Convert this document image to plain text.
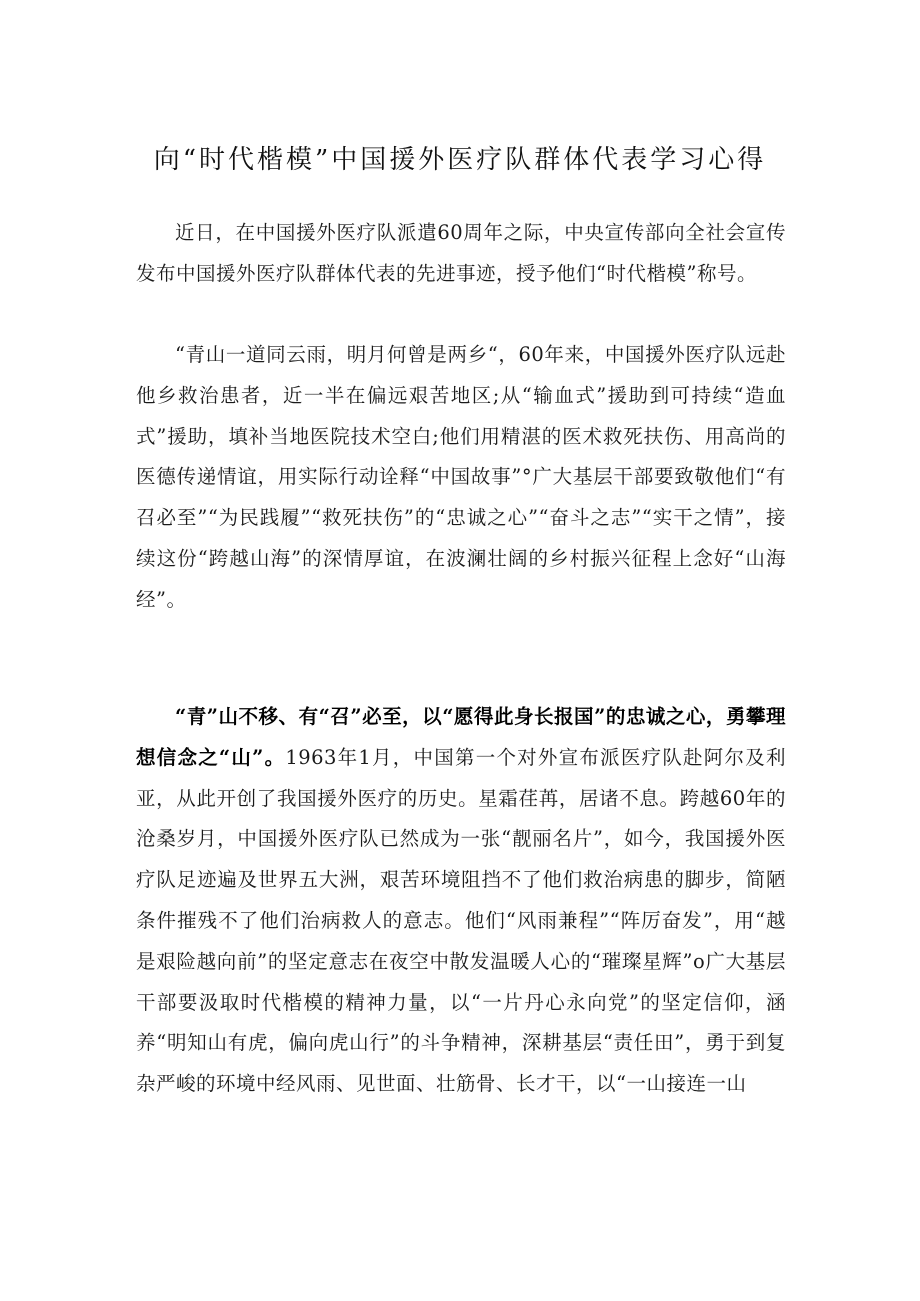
向“时代楷模”中国援外医疗队群体代表学习心得

近日，在中国援外医疗队派遣60周年之际，中央宣传部向全社会宣传发布中国援外医疗队群体代表的先进事迹，授予他们“时代楷模”称号。

“青山一道同云雨，明月何曾是两乡“，60年来，中国援外医疗队远赴他乡救治患者，近一半在偏远艰苦地区;从“输血式”援助到可持续“造血式”援助，填补当地医院技术空白;他们用精湛的医术救死扶伤、用高尚的医德传递情谊，用实际行动诠释“中国故事”°广大基层干部要致敬他们“有召必至”“为民践履”“救死扶伤”的“忠诚之心”“奋斗之志”“实干之情”，接续这份“跨越山海”的深情厚谊，在波澜壮阔的乡村振兴征程上念好“山海经”。

“青”山不移、有“召”必至，以“愿得此身长报国”的忠诚之心，勇攀理想信念之“山”。1963年1月，中国第一个对外宣布派医疗队赴阿尔及利亚，从此开创了我国援外医疗的历史。星霜荏苒，居诸不息。跨越60年的沧桑岁月，中国援外医疗队已然成为一张“靓丽名片”，如今，我国援外医疗队足迹遍及世界五大洲，艰苦环境阻挡不了他们救治病患的脚步，简陋条件摧残不了他们治病救人的意志。他们“风雨兼程”“阵厉奋发”，用“越是艰险越向前”的坚定意志在夜空中散发温暖人心的“璀璨星辉”o广大基层干部要汲取时代楷模的精神力量，以“一片丹心永向党”的坚定信仰，涵养“明知山有虎，偏向虎山行”的斗争精神，深耕基层“责任田”，勇于到复杂严峻的环境中经风雨、见世面、壮筋骨、长才干，以“一山接连一山
